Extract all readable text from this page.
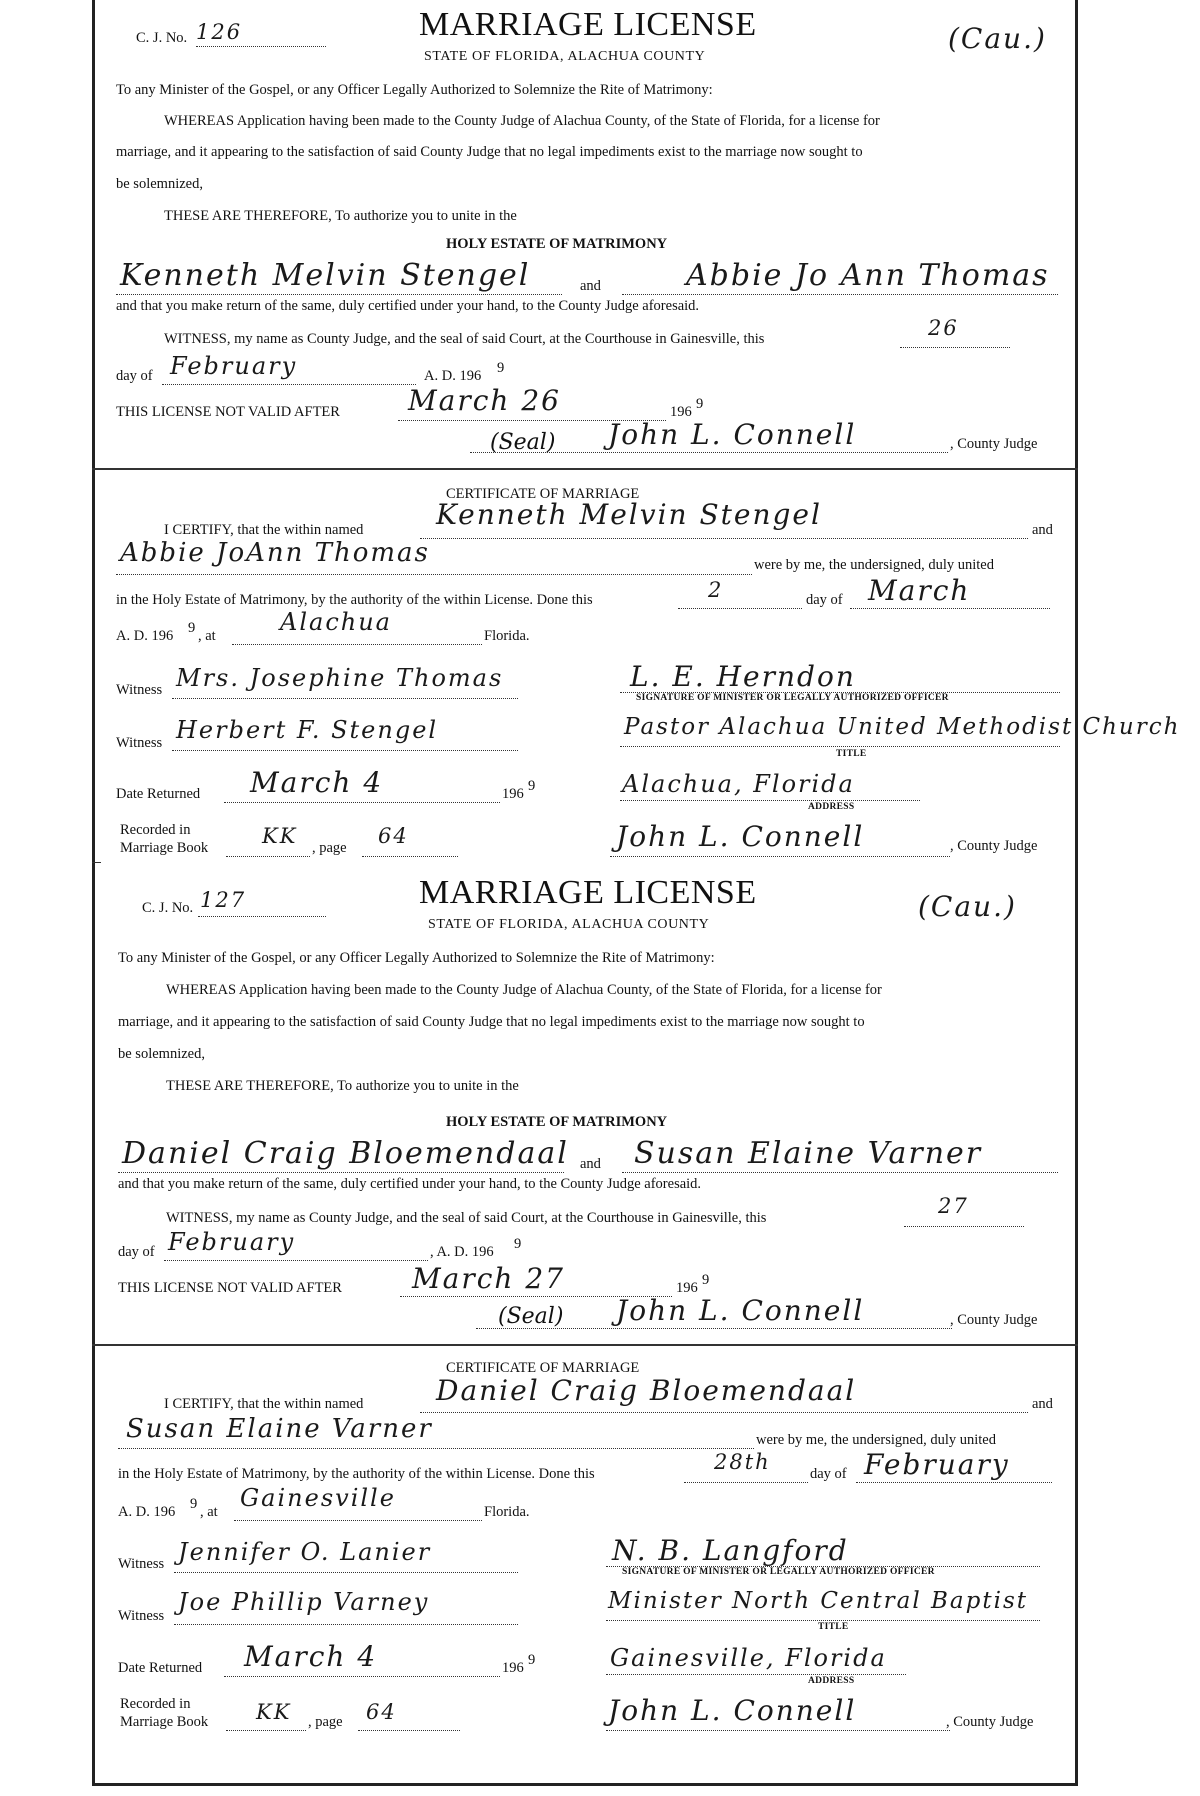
C. J. No. 126	MARRIAGE LICENSE
STATE OF FLORIDA, ALACHUA COUNTY
(Cau.)
To any Minister of the Gospel, or any Officer Legally Authorized to Solemnize the Rite of Matrimony:
WHEREAS Application having been made to the County Judge of Alachua County, of the State of Florida, for a license for
marriage, and it appearing to the satisfaction of said County Judge that no legal impediments exist to the marriage now sought to
be solemnized,
THESE ARE THEREFORE, To authorize you to unite in the
HOLY ESTATE OF MATRIMONY
Kenneth Melvin Stengel	and	Abbie Jo Ann Thomas
and that you make return of the same, duly certified under your hand, to the County Judge aforesaid.
WITNESS, my name as County Judge, and the seal of said Court, at the Courthouse in Gainesville, this	26
day of February	A. D. 196 9
THIS LICENSE NOT VALID AFTER March 26	196 9
(Seal) John L. Connell	, County Judge
CERTIFICATE OF MARRIAGE
I CERTIFY, that the within named	Kenneth Melvin Stengel	and
Abbie JoAnn Thomas	were by me, the undersigned, duly united
in the Holy Estate of Matrimony, by the authority of the within License. Done this	2	day of March
A. D. 196 9 , at	Alachua	Florida.
Witness Mrs. Josephine Thomas	L. E. Herndon
SIGNATURE OF MINISTER OR LEGALLY AUTHORIZED OFFICER
Witness Herbert F. Stengel	Pastor Alachua United Methodist Church
TITLE
Date Returned March 4	196 9	Alachua, Florida
ADDRESS
Recorded in
Marriage Book	KK , page 64	John L. Connell	, County Judge
C. J. No. 127	MARRIAGE LICENSE
STATE OF FLORIDA, ALACHUA COUNTY
(Cau.)
To any Minister of the Gospel, or any Officer Legally Authorized to Solemnize the Rite of Matrimony:
WHEREAS Application having been made to the County Judge of Alachua County, of the State of Florida, for a license for
marriage, and it appearing to the satisfaction of said County Judge that no legal impediments exist to the marriage now sought to
be solemnized,
THESE ARE THEREFORE, To authorize you to unite in the
HOLY ESTATE OF MATRIMONY
Daniel Craig Bloemendaal and Susan Elaine Varner
and that you make return of the same, duly certified under your hand, to the County Judge aforesaid.
WITNESS, my name as County Judge, and the seal of said Court, at the Courthouse in Gainesville, this	27
day of February	, A. D. 196 9
THIS LICENSE NOT VALID AFTER	March 27	196 9
(Seal) John L. Connell	, County Judge
CERTIFICATE OF MARRIAGE
I CERTIFY, that the within named	Daniel Craig Bloemendaal	and
Susan Elaine Varner	were by me, the undersigned, duly united
in the Holy Estate of Matrimony, by the authority of the within License. Done this	28th	day of February
A. D. 196 9 , at Gainesville	Florida.
Witness Jennifer O. Lanier	N. B. Langford
SIGNATURE OF MINISTER OR LEGALLY AUTHORIZED OFFICER
Witness Joe Phillip Varney	Minister North Central Baptist
TITLE
Date Returned March 4	196 9	Gainesville, Florida
ADDRESS
Recorded in
Marriage Book KK , page 64	John L. Connell	, County Judge
